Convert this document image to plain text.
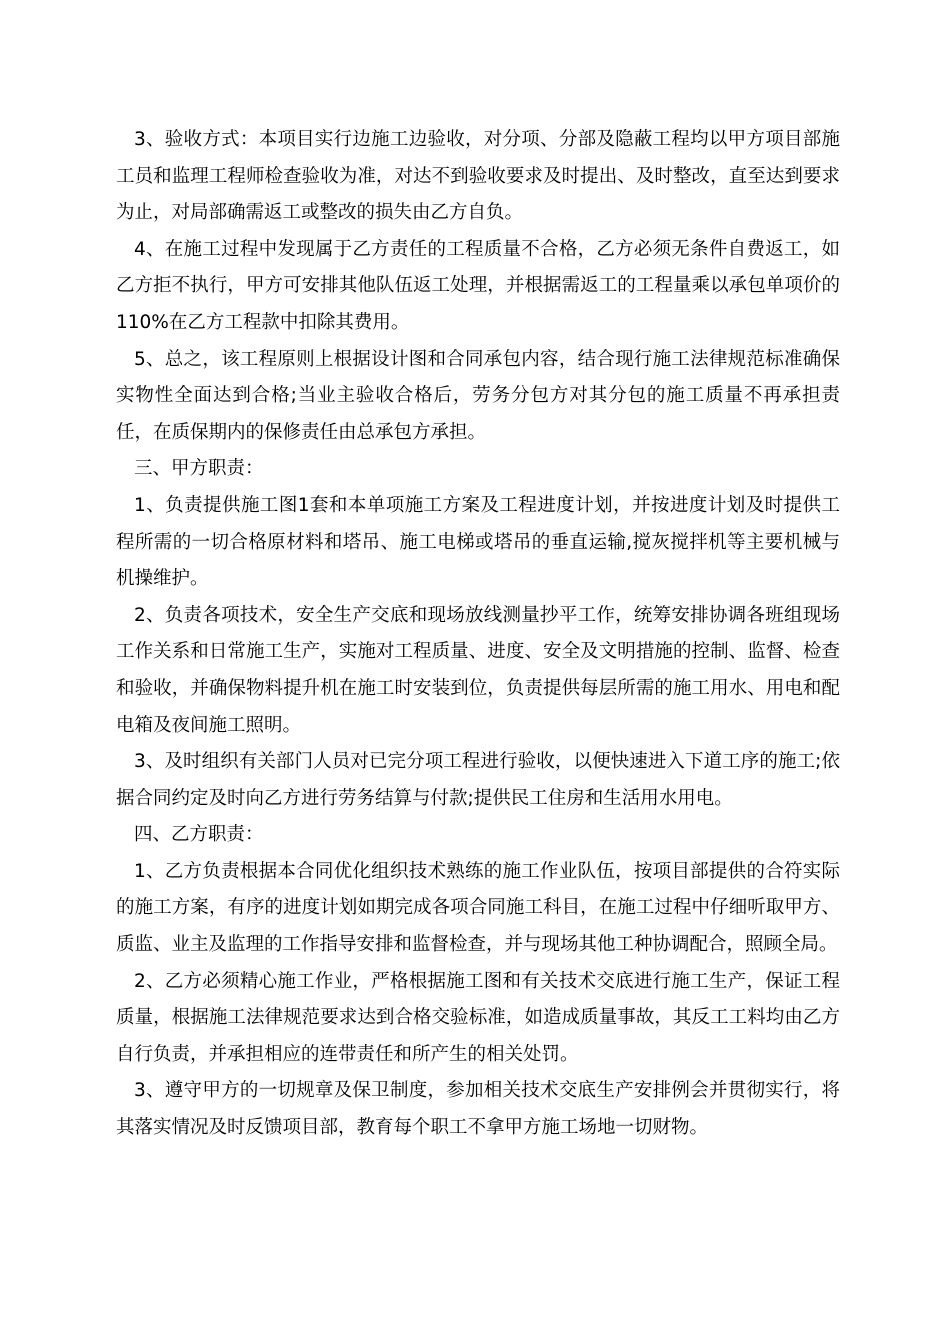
3、验收方式：本项目实行边施工边验收，对分项、分部及隐蔽工程均以甲方项目部施工员和监理工程师检查验收为准，对达不到验收要求及时提出、及时整改，直至达到要求为止，对局部确需返工或整改的损失由乙方自负。

4、在施工过程中发现属于乙方责任的工程质量不合格，乙方必须无条件自费返工，如乙方拒不执行，甲方可安排其他队伍返工处理，并根据需返工的工程量乘以承包单项价的110%在乙方工程款中扣除其费用。

5、总之，该工程原则上根据设计图和合同承包内容，结合现行施工法律规范标准确保实物性全面达到合格;当业主验收合格后，劳务分包方对其分包的施工质量不再承担责任，在质保期内的保修责任由总承包方承担。

三、甲方职责：

1、负责提供施工图1套和本单项施工方案及工程进度计划，并按进度计划及时提供工程所需的一切合格原材料和塔吊、施工电梯或塔吊的垂直运输,搅灰搅拌机等主要机械与机操维护。

2、负责各项技术，安全生产交底和现场放线测量抄平工作，统筹安排协调各班组现场工作关系和日常施工生产，实施对工程质量、进度、安全及文明措施的控制、监督、检查和验收，并确保物料提升机在施工时安装到位，负责提供每层所需的施工用水、用电和配电箱及夜间施工照明。

3、及时组织有关部门人员对已完分项工程进行验收，以便快速进入下道工序的施工;依据合同约定及时向乙方进行劳务结算与付款;提供民工住房和生活用水用电。

四、乙方职责：

1、乙方负责根据本合同优化组织技术熟练的施工作业队伍，按项目部提供的合符实际的施工方案，有序的进度计划如期完成各项合同施工科目，在施工过程中仔细听取甲方、质监、业主及监理的工作指导安排和监督检查，并与现场其他工种协调配合，照顾全局。

2、乙方必须精心施工作业，严格根据施工图和有关技术交底进行施工生产，保证工程质量，根据施工法律规范要求达到合格交验标准，如造成质量事故，其反工工料均由乙方自行负责，并承担相应的连带责任和所产生的相关处罚。

3、遵守甲方的一切规章及保卫制度，参加相关技术交底生产安排例会并贯彻实行，将其落实情况及时反馈项目部，教育每个职工不拿甲方施工场地一切财物。
